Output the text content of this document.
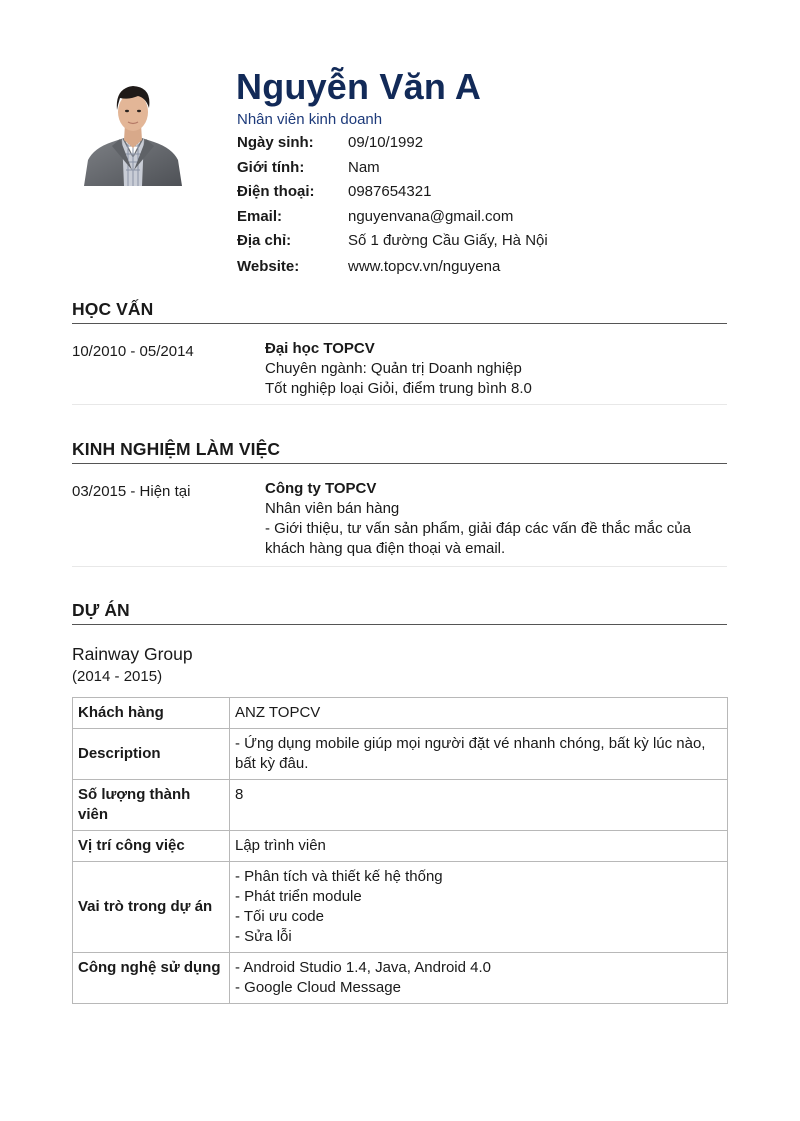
Nguyễn Văn A
Nhân viên kinh doanh
Ngày sinh:	09/10/1992
Giới tính:	Nam
Điện thoại:	0987654321
Email:	nguyenvana@gmail.com
Địa chỉ:	Số 1 đường Cầu Giấy, Hà Nội
Website:	www.topcv.vn/nguyena
HỌC VẤN
10/2010 - 05/2014	Đại học TOPCV
Chuyên ngành: Quản trị Doanh nghiệp
Tốt nghiệp loại Giỏi, điểm trung bình 8.0
KINH NGHIỆM LÀM VIỆC
03/2015 - Hiện tại	Công ty TOPCV
Nhân viên bán hàng
- Giới thiệu, tư vấn sản phẩm, giải đáp các vấn đề thắc mắc của khách hàng qua điện thoại và email.
DỰ ÁN
Rainway Group
(2014 - 2015)
Khách hàng	ANZ TOPCV

Description	- Ứng dụng mobile giúp mọi người đặt vé nhanh chóng, bất kỳ lúc nào, bất kỳ đâu.

Số lượng thành viên	8

Vị trí công việc	Lập trình viên

Vai trò trong dự án	- Phân tích và thiết kế hệ thống
- Phát triển module
- Tối ưu code
- Sửa lỗi

Công nghệ sử dụng	- Android Studio 1.4, Java, Android 4.0
- Google Cloud Message
